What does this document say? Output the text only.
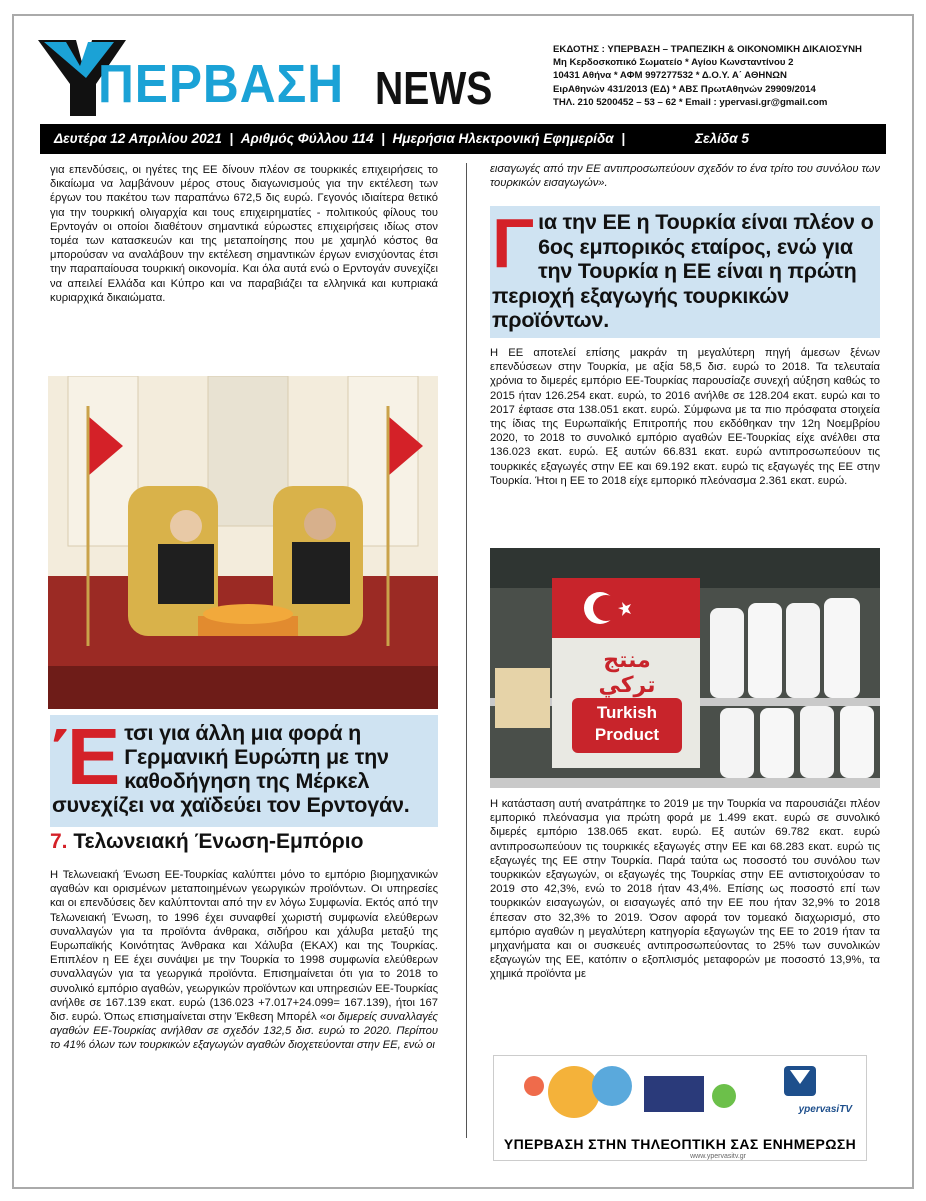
ΠΕΡΒΑΣΗ NEWS
ΕΚΔΟΤΗΣ : ΥΠΕΡΒΑΣΗ – ΤΡΑΠΕΖΙΚΗ & ΟΙΚΟΝΟΜΙΚΗ ΔΙΚΑΙΟΣΥΝΗ
Μη Κερδοσκοπικό Σωματείο * Αγίου Κωνσταντίνου 2
10431 Αθήνα * ΑΦΜ 997277532 * Δ.Ο.Υ. Α΄ ΑΘΗΝΩΝ
ΕιρΑθηνών 431/2013 (ΕΔ) * ΑΒΣ ΠρωτΑθηνών 29909/2014
ΤΗΛ. 210 5200452 – 53 – 62 * Email : ypervasi.gr@gmail.com
Δευτέρα 12 Απριλίου 2021  |  Αριθμός Φύλλου 114  |  Ημερήσια Ηλεκτρονική Εφημερίδα  |	Σελίδα 5

για επενδύσεις, οι ηγέτες της ΕΕ δίνουν πλέον σε τουρκικές επιχειρήσεις το δικαίωμα να λαμβάνουν μέρος στους διαγωνισμούς για την εκτέλεση των έργων του πακέτου των παραπάνω 672,5 δις ευρώ. Γεγονός ιδιαίτερα θετικό για την τουρκική ολιγαρχία και τους επιχειρηματίες - πολιτικούς φίλους του Ερντογάν οι οποίοι διαθέτουν σημαντικά εύρωστες επιχειρήσεις ιδίως στον τομέα των κατασκευών και της μεταποίησης που με χαμηλό κόστος θα μπορούσαν να αναλάβουν την εκτέλεση σημαντικών έργων ενισχύοντας έτσι την παραπαίουσα τουρκική οικονομία. Και όλα αυτά ενώ ο Ερντογάν συνεχίζει να απειλεί Ελλάδα και Κύπρο και να παραβιάζει τα ελληνικά και κυπριακά κυριαρχικά δικαιώματα.

Έ τσι για άλλη μια φορά η Γερμανική Ευρώπη με την καθοδήγηση της Μέρκελ συνεχίζει να χαϊδεύει τον Ερντογάν.
7. Τελωνειακή Ένωση-Εμπόριο

Η Τελωνειακή Ένωση ΕΕ-Τουρκίας καλύπτει μόνο το εμπόριο βιομηχανικών αγαθών και ορισμένων μεταποιημένων γεωργικών προϊόντων. Οι υπηρεσίες και οι επενδύσεις δεν καλύπτονται από την εν λόγω Συμφωνία. Εκτός από την Τελωνειακή Ένωση, το 1996 έχει συναφθεί χωριστή συμφωνία ελεύθερων συναλλαγών για τα προϊόντα άνθρακα, σιδήρου και χάλυβα μεταξύ της Ευρωπαϊκής Κοινότητας Άνθρακα και Χάλυβα (ΕΚΑΧ) και της Τουρκίας. Επιπλέον η ΕΕ έχει συνάψει με την Τουρκία το 1998 συμφωνία ελεύθερων συναλλαγών για τα γεωργικά προϊόντα. Επισημαίνεται ότι για το 2018 το συνολικό εμπόριο αγαθών, γεωργικών προϊόντων και υπηρεσιών ΕΕ-Τουρκίας ανήλθε σε 167.139 εκατ. ευρώ (136.023 +7.017+24.099= 167.139), ήτοι 167 δισ. ευρώ. Όπως επισημαίνεται στην Έκθεση Μπορέλ «οι διμερείς συναλλαγές αγαθών ΕΕ-Τουρκίας ανήλθαν σε σχεδόν 132,5 δισ. ευρώ το 2020. Περίπου το 41% όλων των τουρκικών εξαγωγών αγαθών διοχετεύονται στην ΕΕ, ενώ οι

εισαγωγές από την ΕΕ αντιπροσωπεύουν σχεδόν το ένα τρίτο του συνόλου των τουρκικών εισαγωγών».

Γ ια την ΕΕ η Τουρκία είναι πλέον ο 6ος εμπορικός εταίρος, ενώ για την Τουρκία η ΕΕ είναι η πρώτη περιοχή εξαγωγής τουρκικών προϊόντων.

Η ΕΕ αποτελεί επίσης μακράν τη μεγαλύτερη πηγή άμεσων ξένων επενδύσεων στην Τουρκία, με αξία 58,5 δισ. ευρώ το 2018. Τα τελευταία χρόνια το διμερές εμπόριο ΕΕ-Τουρκίας παρουσίαζε συνεχή αύξηση καθώς το 2015 ήταν 126.254 εκατ. ευρώ, το 2016 ανήλθε σε 128.204 εκατ. ευρώ και το 2017 έφτασε στα 138.051 εκατ. ευρώ. Σύμφωνα με τα πιο πρόσφατα στοιχεία της ίδιας της Ευρωπαϊκής Επιτροπής που εκδόθηκαν την 12η Νοεμβρίου 2020, το 2018 το συνολικό εμπόριο αγαθών ΕΕ-Τουρκίας είχε ανέλθει στα 136.023 εκατ. ευρώ. Εξ αυτών 66.831 εκατ. ευρώ αντιπροσωπεύουν τις τουρκικές εξαγωγές στην ΕΕ και 69.192 εκατ. ευρώ τις εξαγωγές της ΕΕ στην Τουρκία. Ήτοι η ΕΕ το 2018 είχε εμπορικό πλεόνασμα 2.361 εκατ. ευρώ.

منتج تركي
Turkish
Product

Η κατάσταση αυτή ανατράπηκε το 2019 με την Τουρκία να παρουσιάζει πλέον εμπορικό πλεόνασμα για πρώτη φορά με 1.499 εκατ. ευρώ σε συνολικό διμερές εμπόριο 138.065 εκατ. ευρώ. Εξ αυτών 69.782 εκατ. ευρώ αντιπροσωπεύουν τις τουρκικές εξαγωγές στην ΕΕ και 68.283 εκατ. ευρώ τις εξαγωγές της ΕΕ στην Τουρκία. Παρά ταύτα ως ποσοστό του συνόλου των τουρκικών εξαγωγών, οι εξαγωγές της Τουρκίας στην ΕΕ αντιστοιχούσαν το 2019 στο 42,3%, ενώ το 2018 ήταν 43,4%. Επίσης ως ποσοστό επί των τουρκικών εισαγωγών, οι εισαγωγές από την ΕΕ που ήταν 32,9% το 2018 έπεσαν στο 32,3% το 2019. Όσον αφορά τον τομεακό διαχωρισμό, στο εμπόριο αγαθών η μεγαλύτερη κατηγορία εξαγωγών της ΕΕ το 2019 ήταν τα μηχανήματα και οι συσκευές αντιπροσωπεύοντας το 25% των συνολικών εξαγωγών της ΕΕ, κατόπιν ο εξοπλισμός μεταφορών με ποσοστό 13,9%, τα χημικά προϊόντα με

ypervasiTV
ΥΠΕΡΒΑΣΗ ΣΤΗΝ ΤΗΛΕΟΠΤΙΚΗ ΣΑΣ ΕΝΗΜΕΡΩΣΗ
www.ypervasitv.gr
